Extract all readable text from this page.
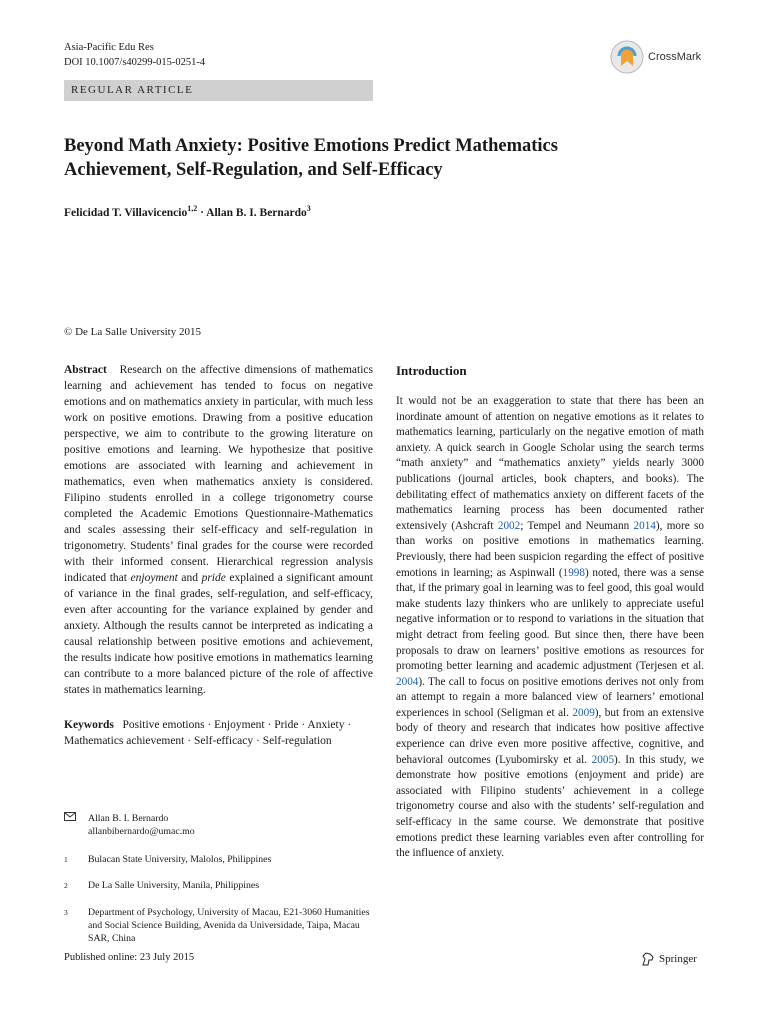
Asia-Pacific Edu Res
DOI 10.1007/s40299-015-0251-4	CrossMark
REGULAR ARTICLE
Beyond Math Anxiety: Positive Emotions Predict Mathematics
Achievement, Self-Regulation, and Self-Efficacy
Felicidad T. Villavicencio$^{1,2}$ · Allan B. I. Bernardo$^3$
© De La Salle University 2015

Abstract Research on the affective dimensions of mathematics learning and achievement has tended to focus on negative emotions and on mathematics anxiety in particular, with much less work on positive emotions. Drawing from a positive education perspective, we aim to contribute to the growing literature on positive emotions and learning. We hypothesize that positive emotions are associated with learning and achievement in mathematics, even when mathematics anxiety is considered. Filipino students enrolled in a college trigonometry course completed the Academic Emotions Questionnaire-Mathematics and scales assessing their self-efficacy and self-regulation in trigonometry. Students’ final grades for the course were recorded with their informed consent. Hierarchical regression analysis indicated that enjoyment and pride explained a significant amount of variance in the final grades, self-regulation, and self-efficacy, even after accounting for the variance explained by gender and anxiety. Although the results cannot be interpreted as indicating a causal relationship between positive emotions and achievement, the results indicate how positive emotions in mathematics learning can contribute to a more balanced picture of the role of affective states in mathematics learning.

Keywords Positive emotions · Enjoyment · Pride · Anxiety · Mathematics achievement · Self-efficacy · Self-regulation

Allan B. I. Bernardo
allanbibernardo@umac.mo
$^1$	Bulacan State University, Malolos, Philippines
$^2$	De La Salle University, Manila, Philippines
$^3$	Department of Psychology, University of Macau, E21-3060 Humanities and Social Science Building, Avenida da Universidade, Taipa, Macau SAR, China
Introduction

It would not be an exaggeration to state that there has been an inordinate amount of attention on negative emotions as it relates to mathematics learning, particularly on the negative emotion of math anxiety. A quick search in Google Scholar using the search terms “math anxiety” and “mathematics anxiety” yields nearly 3000 publications (journal articles, book chapters, and books). The debilitating effect of mathematics anxiety on different facets of the mathematics learning process has been documented rather extensively (Ashcraft 2002; Tempel and Neumann 2014), more so than works on positive emotions in mathematics learning. Previously, there had been suspicion regarding the effect of positive emotions in learning; as Aspinwall (1998) noted, there was a sense that, if the primary goal in learning was to feel good, this goal would make students lazy thinkers who are unlikely to appreciate useful negative information or to respond to variations in the situation that might detract from feeling good. But since then, there have been proposals to draw on learners’ positive emotions as resources for promoting better learning and academic adjustment (Terjesen et al. 2004). The call to focus on positive emotions derives not only from an attempt to regain a more balanced view of learners’ emotional experiences in school (Seligman et al. 2009), but from an extensive body of theory and research that indicates how positive affective experience can drive even more positive affective, cognitive, and behavioral outcomes (Lyubomirsky et al. 2005). In this study, we demonstrate how positive emotions (enjoyment and pride) are associated with Filipino students’ achievement in a college trigonometry course and also with the students’ self-regulation and self-efficacy in the same course. We demonstrate that positive emotions predict these learning variables even after controlling for the influence of anxiety.

Published online: 23 July 2015	Springer
